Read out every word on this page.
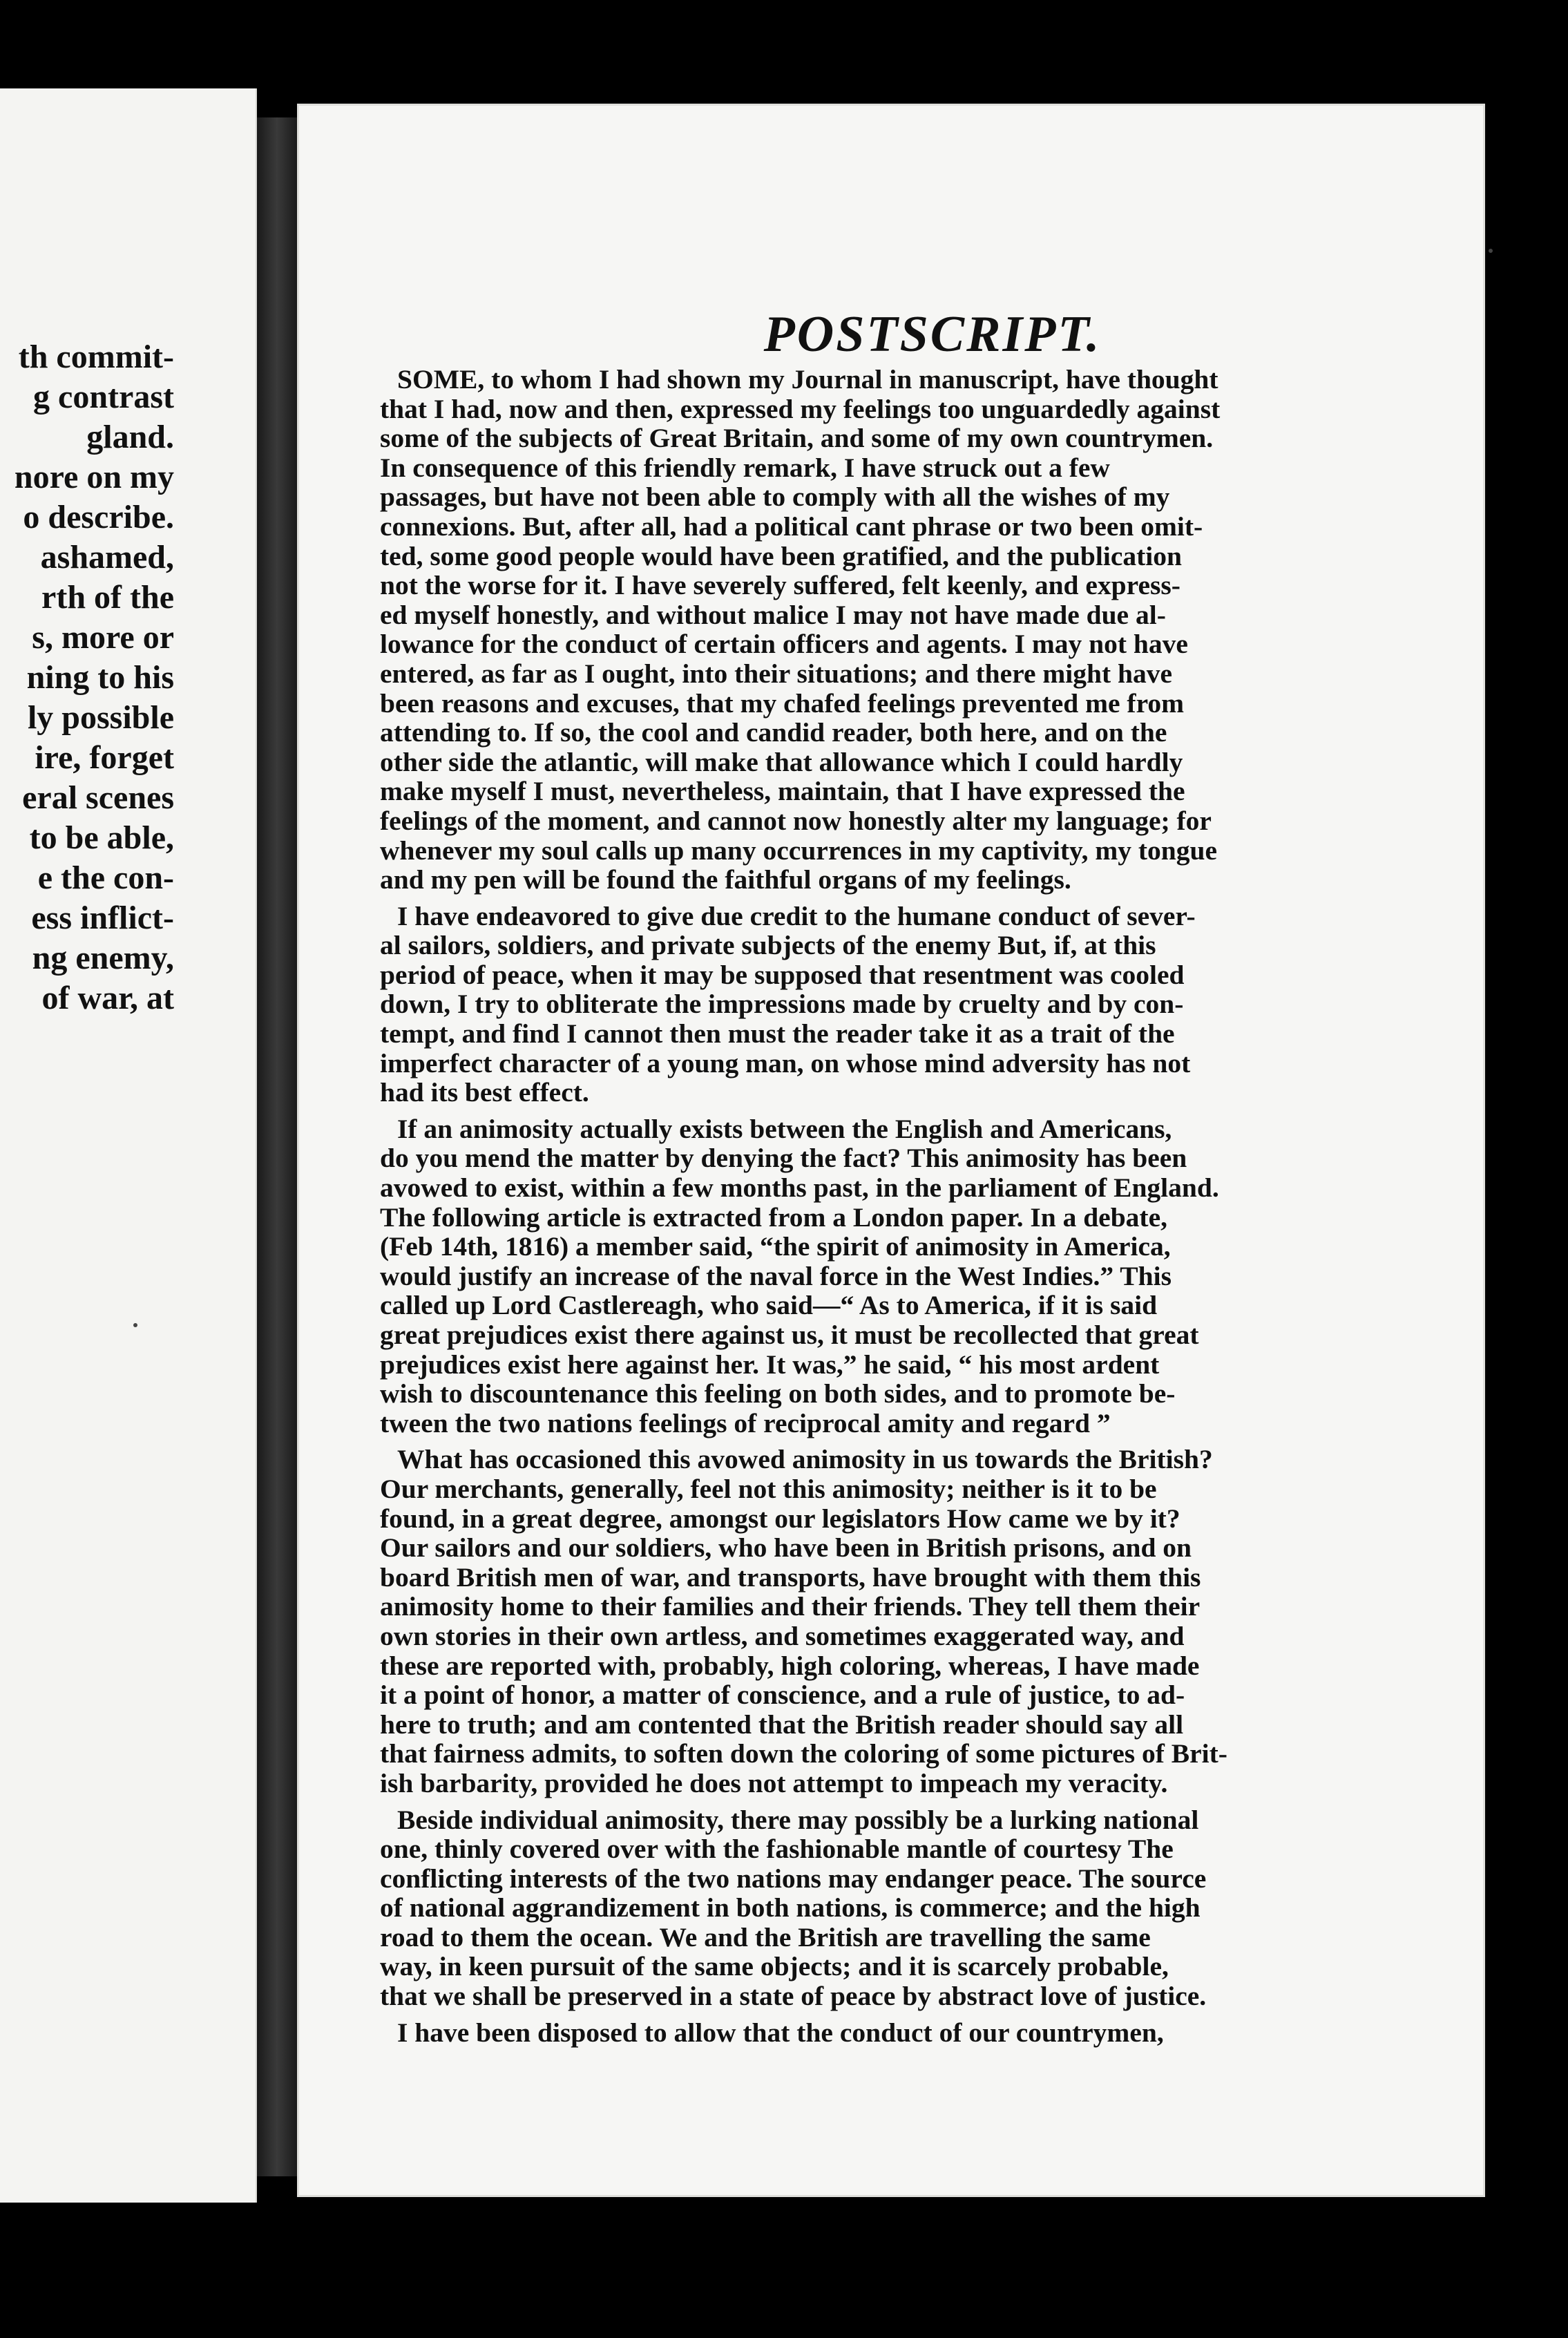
th commit-
g contrast
gland.
nore on my
o describe.
ashamed,
rth of the
s, more or
ning to his
ly possible
ire, forget
eral scenes
to be able,
e the con-
ess inflict-
ng enemy,
of war, at
POSTSCRIPT.
SOME, to whom I had shown my Journal in manuscript, have thought
that I had, now and then, expressed my feelings too unguardedly against
some of the subjects of Great Britain, and some of my own countrymen.
In consequence of this friendly remark, I have struck out a few
passages, but have not been able to comply with all the wishes of my
connexions. But, after all, had a political cant phrase or two been omit-
ted, some good people would have been gratified, and the publication
not the worse for it. I have severely suffered, felt keenly, and express-
ed myself honestly, and without malice I may not have made due al-
lowance for the conduct of certain officers and agents. I may not have
entered, as far as I ought, into their situations; and there might have
been reasons and excuses, that my chafed feelings prevented me from
attending to. If so, the cool and candid reader, both here, and on the
other side the atlantic, will make that allowance which I could hardly
make myself I must, nevertheless, maintain, that I have expressed the
feelings of the moment, and cannot now honestly alter my language; for
whenever my soul calls up many occurrences in my captivity, my tongue
and my pen will be found the faithful organs of my feelings.
I have endeavored to give due credit to the humane conduct of sever-
al sailors, soldiers, and private subjects of the enemy But, if, at this
period of peace, when it may be supposed that resentment was cooled
down, I try to obliterate the impressions made by cruelty and by con-
tempt, and find I cannot then must the reader take it as a trait of the
imperfect character of a young man, on whose mind adversity has not
had its best effect.
If an animosity actually exists between the English and Americans,
do you mend the matter by denying the fact? This animosity has been
avowed to exist, within a few months past, in the parliament of England.
The following article is extracted from a London paper. In a debate,
(Feb 14th, 1816) a member said, “the spirit of animosity in America,
would justify an increase of the naval force in the West Indies.” This
called up Lord Castlereagh, who said—“ As to America, if it is said
great prejudices exist there against us, it must be recollected that great
prejudices exist here against her. It was,” he said, “ his most ardent
wish to discountenance this feeling on both sides, and to promote be-
tween the two nations feelings of reciprocal amity and regard ”
What has occasioned this avowed animosity in us towards the British?
Our merchants, generally, feel not this animosity; neither is it to be
found, in a great degree, amongst our legislators How came we by it?
Our sailors and our soldiers, who have been in British prisons, and on
board British men of war, and transports, have brought with them this
animosity home to their families and their friends. They tell them their
own stories in their own artless, and sometimes exaggerated way, and
these are reported with, probably, high coloring, whereas, I have made
it a point of honor, a matter of conscience, and a rule of justice, to ad-
here to truth; and am contented that the British reader should say all
that fairness admits, to soften down the coloring of some pictures of Brit-
ish barbarity, provided he does not attempt to impeach my veracity.
Beside individual animosity, there may possibly be a lurking national
one, thinly covered over with the fashionable mantle of courtesy The
conflicting interests of the two nations may endanger peace. The source
of national aggrandizement in both nations, is commerce; and the high
road to them the ocean. We and the British are travelling the same
way, in keen pursuit of the same objects; and it is scarcely probable,
that we shall be preserved in a state of peace by abstract love of justice.
I have been disposed to allow that the conduct of our countrymen,
